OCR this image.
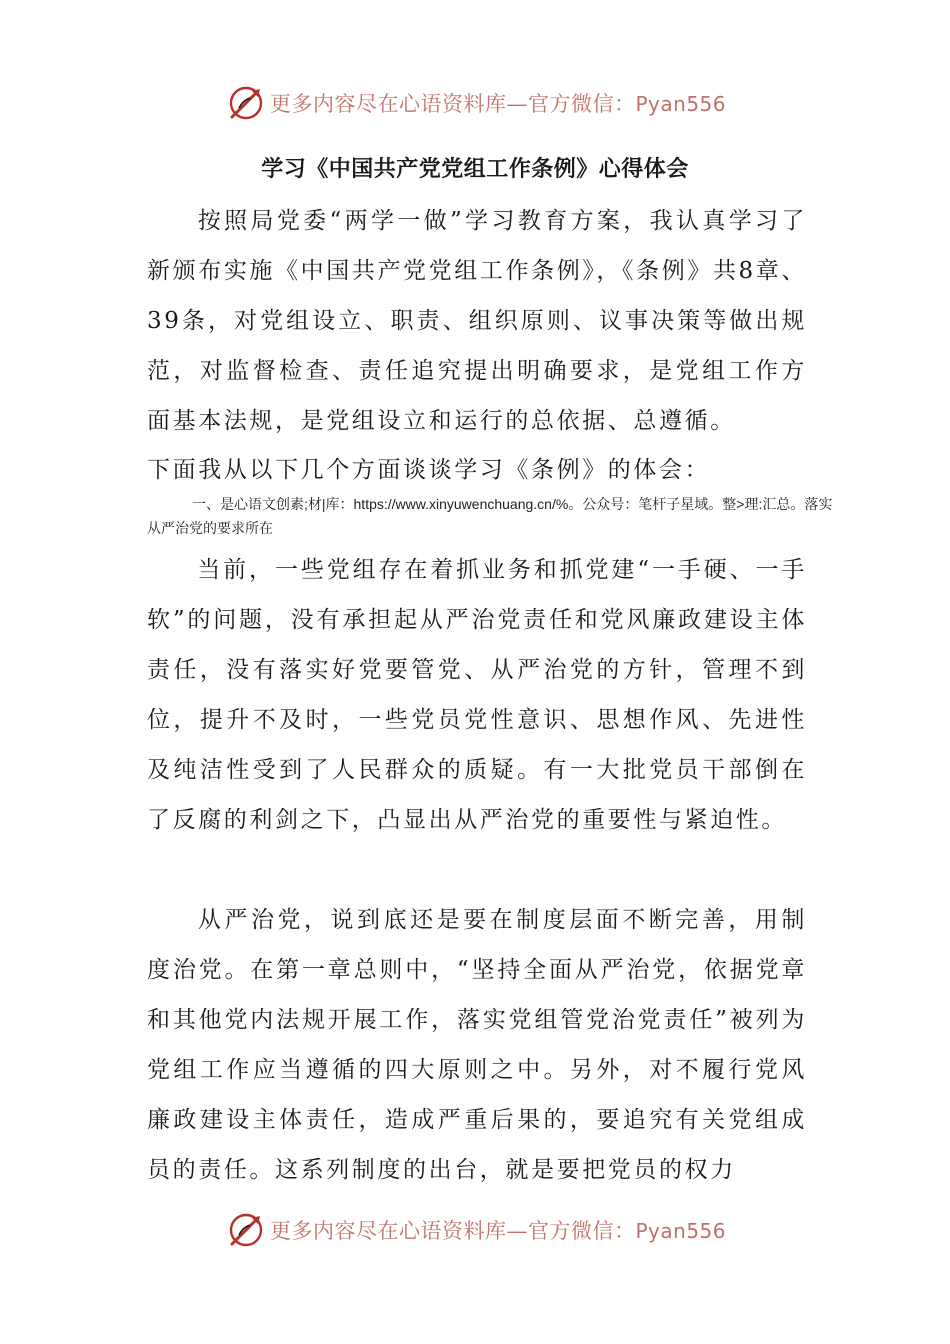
更多内容尽在心语资料库—官方微信：Pyan556
学习《中国共产党党组工作条例》心得体会
按照局党委“两学一做”学习教育方案，我认真学习了新颁布实施《中国共产党党组工作条例》，《条例》共8章、39条，对党组设立、职责、组织原则、议事决策等做出规范，对监督检查、责任追究提出明确要求，是党组工作方面基本法规，是党组设立和运行的总依据、总遵循。
下面我从以下几个方面谈谈学习《条例》的体会：
一、是心语文创素;材|库：https://www.xinyuwenchuang.cn/%。公众号：笔杆子星域。整>理:汇总。落实从严治党的要求所在
当前，一些党组存在着抓业务和抓党建“一手硬、一手软”的问题，没有承担起从严治党责任和党风廉政建设主体责任，没有落实好党要管党、从严治党的方针，管理不到位，提升不及时，一些党员党性意识、思想作风、先进性及纯洁性受到了人民群众的质疑。有一大批党员干部倒在了反腐的利剑之下，凸显出从严治党的重要性与紧迫性。
从严治党，说到底还是要在制度层面不断完善，用制度治党。在第一章总则中，“坚持全面从严治党，依据党章和其他党内法规开展工作，落实党组管党治党责任”被列为党组工作应当遵循的四大原则之中。另外，对不履行党风廉政建设主体责任，造成严重后果的，要追究有关党组成员的责任。这系列制度的出台，就是要把党员的权力
更多内容尽在心语资料库—官方微信：Pyan556
